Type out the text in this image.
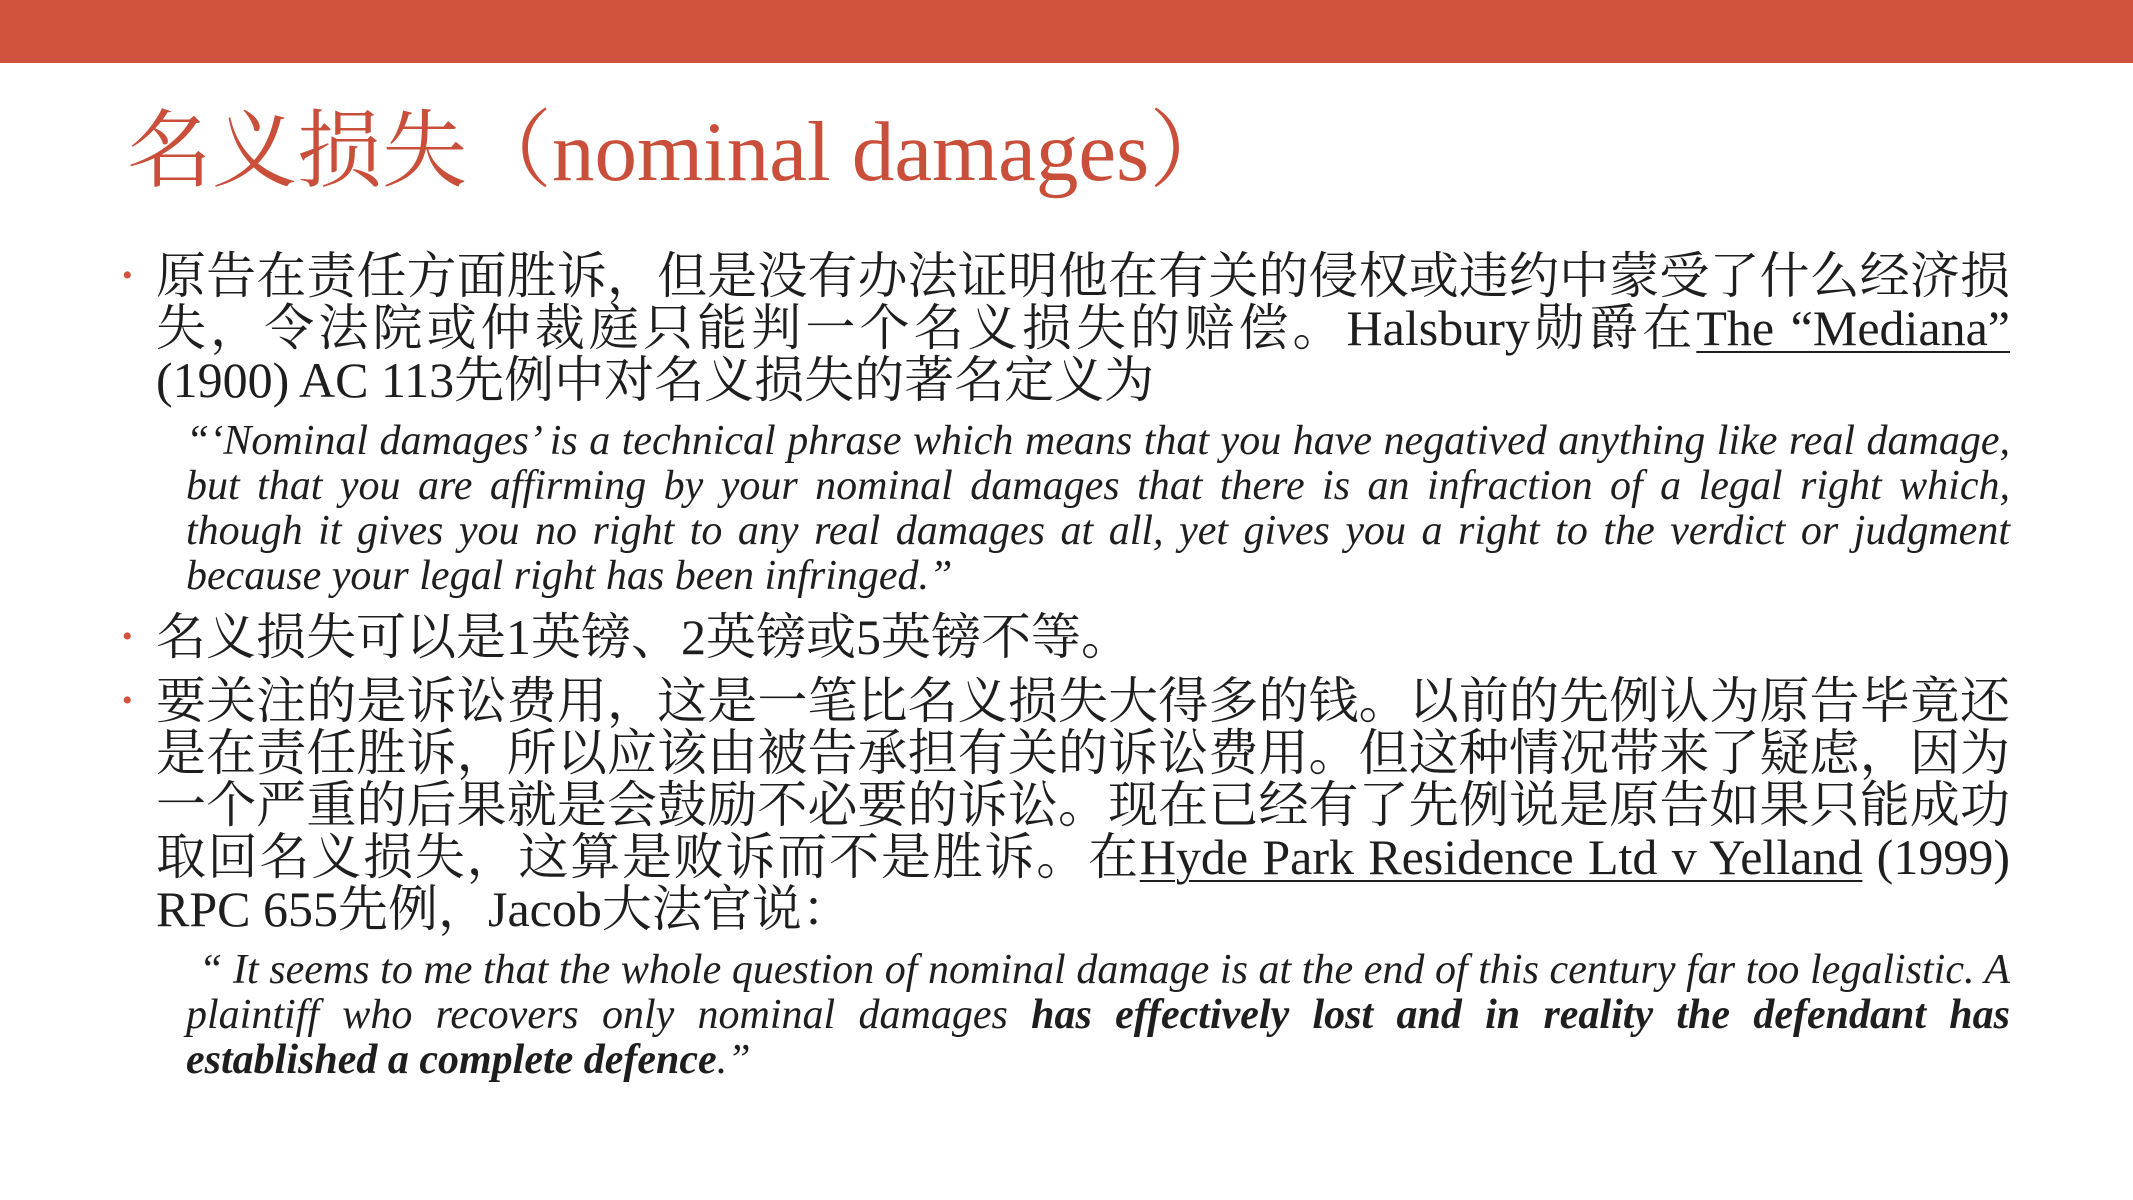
名义损失（nominal damages）
• 原告在责任方面胜诉，但是没有办法证明他在有关的侵权或违约中蒙受了什么经济损失，令法院或仲裁庭只能判一个名义损失的赔偿。Halsbury勋爵在The “Mediana” (1900) AC 113先例中对名义损失的著名定义为

“‘Nominal damages’ is a technical phrase which means that you have negatived anything like real damage, but that you are affirming by your nominal damages that there is an infraction of a legal right which, though it gives you no right to any real damages at all, yet gives you a right to the verdict or judgment because your legal right has been infringed.”
• 名义损失可以是1英镑、2英镑或5英镑不等。

• 要关注的是诉讼费用，这是一笔比名义损失大得多的钱。以前的先例认为原告毕竟还是在责任胜诉，所以应该由被告承担有关的诉讼费用。但这种情况带来了疑虑，因为一个严重的后果就是会鼓励不必要的诉讼。现在已经有了先例说是原告如果只能成功取回名义损失，这算是败诉而不是胜诉。在Hyde Park Residence Ltd v Yelland (1999) RPC 655先例，Jacob大法官说：

“ It seems to me that the whole question of nominal damage is at the end of this century far too legalistic. A plaintiff who recovers only nominal damages has effectively lost and in reality the defendant has established a complete defence.”
